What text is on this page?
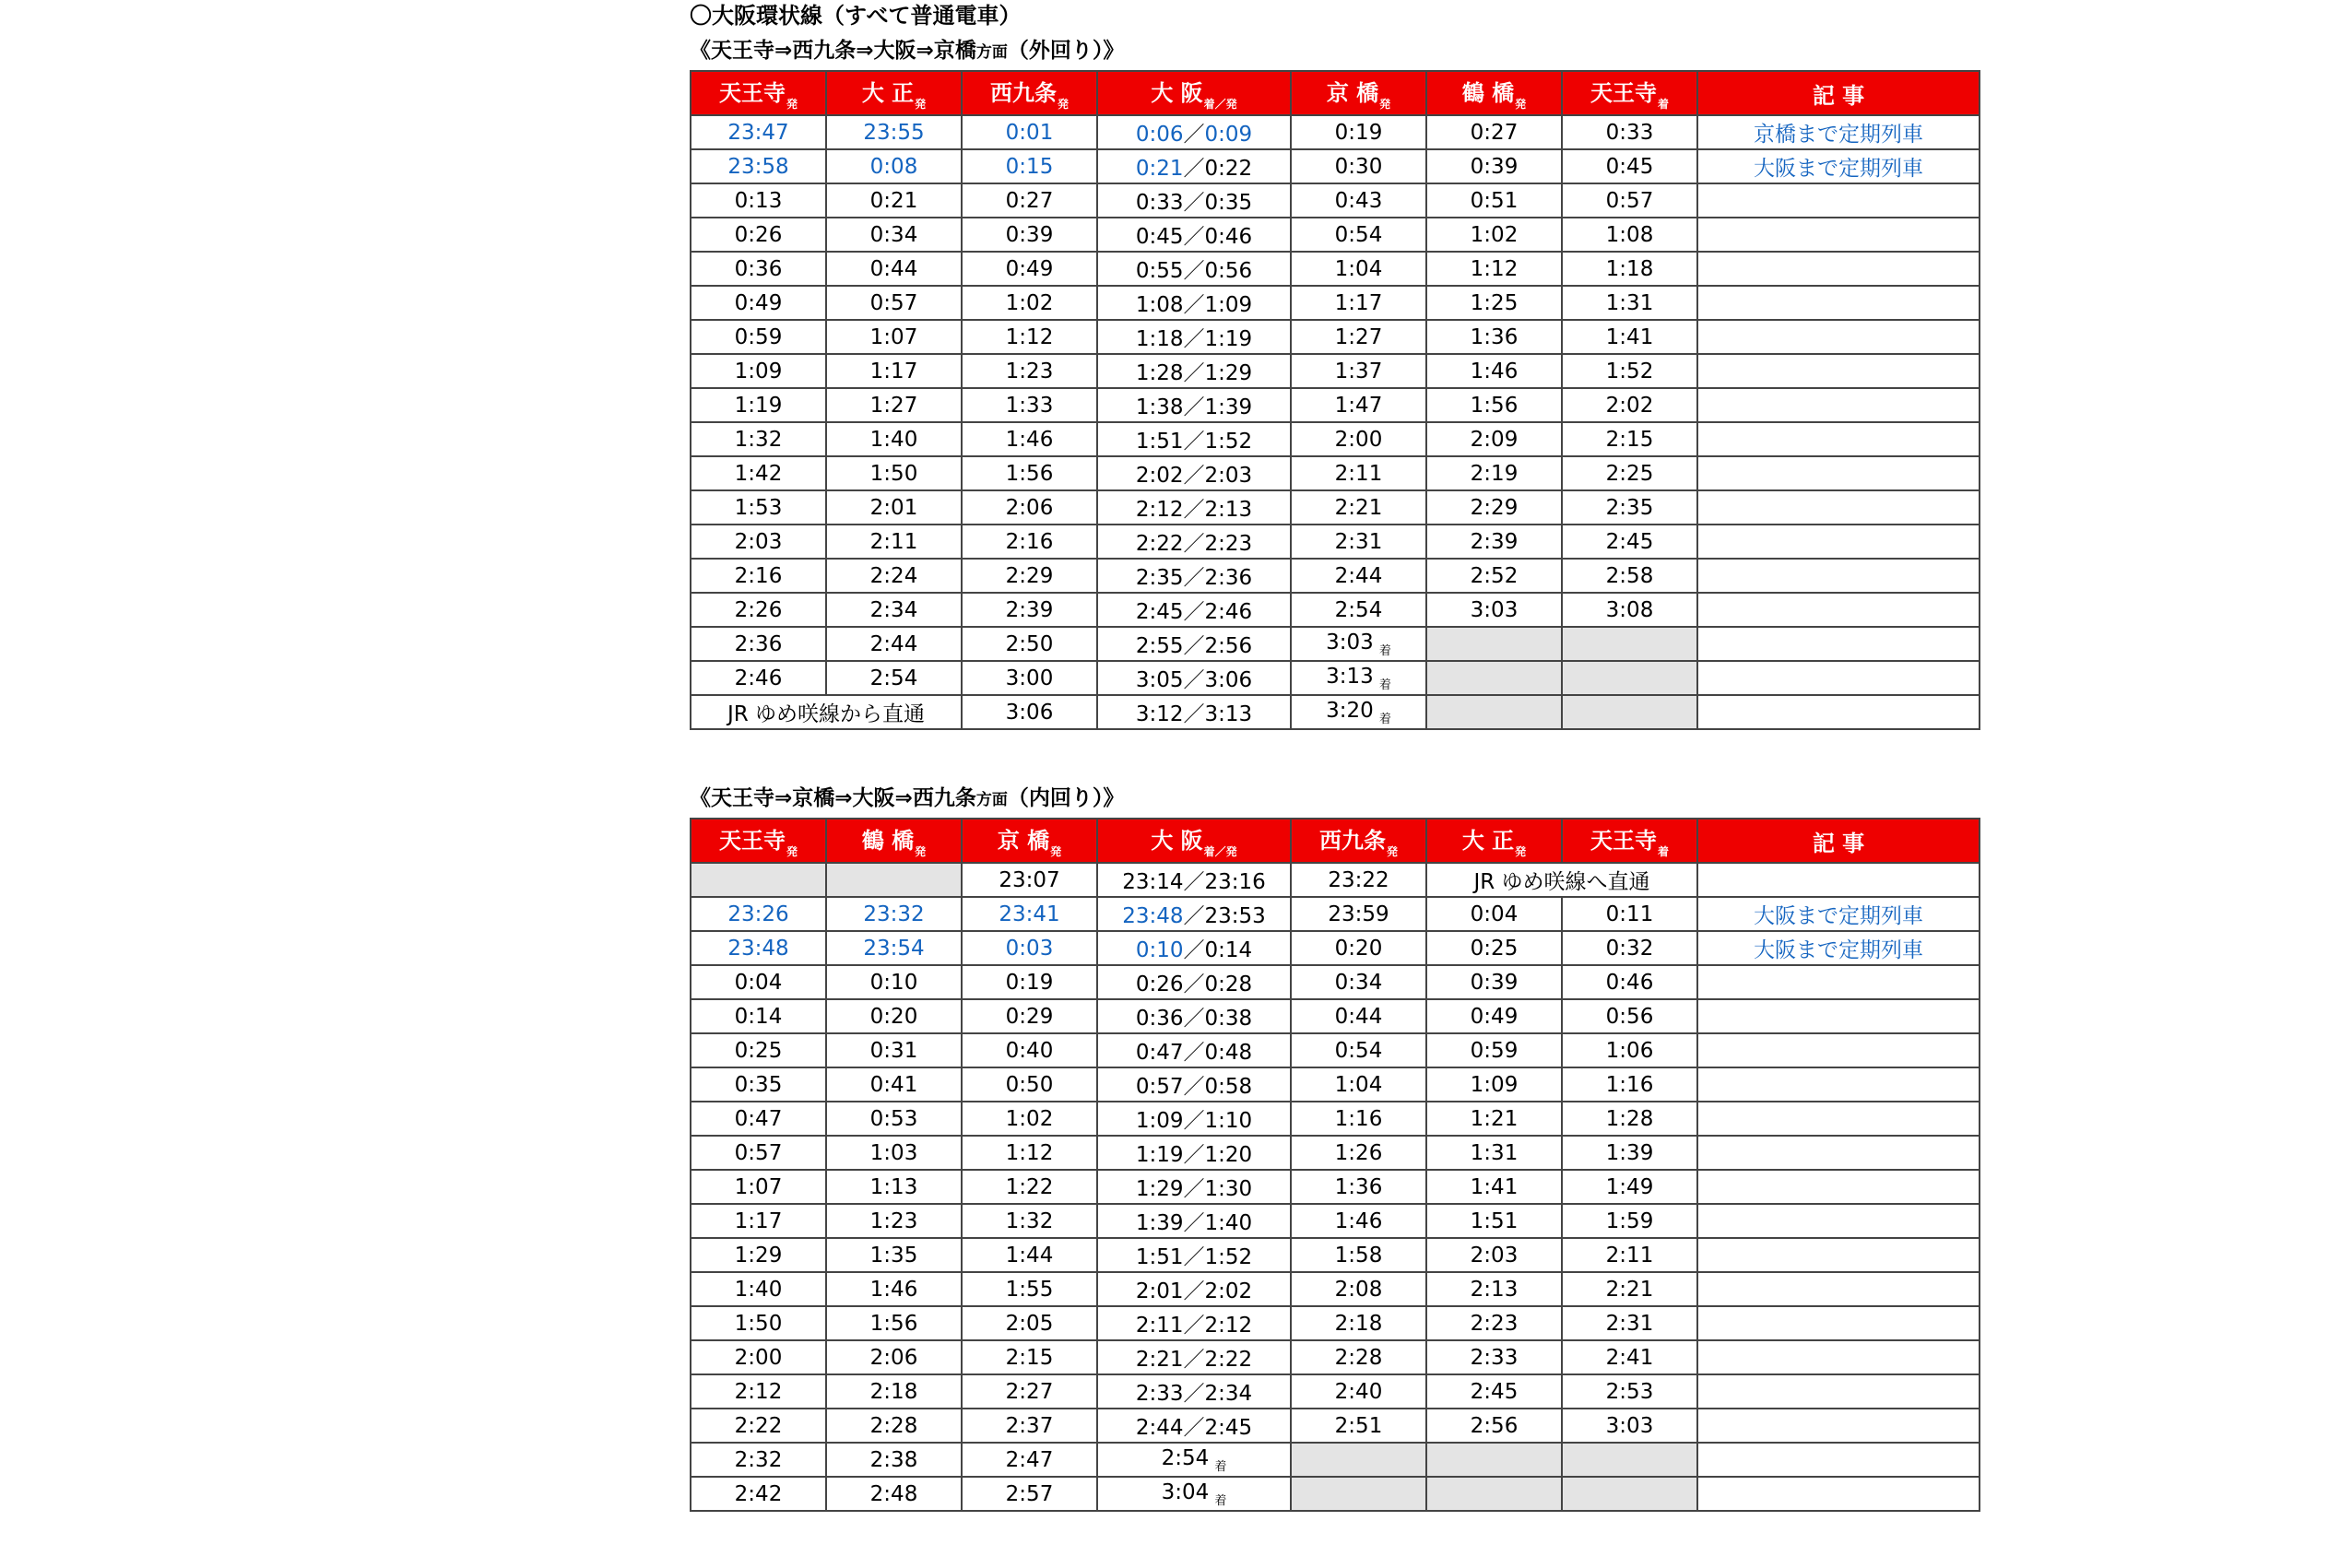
〇大阪環状線（すべて普通電車）
《天王寺⇒西九条⇒大阪⇒京橋方面（外回り）》
天王寺$_発$	大 正$_発$	西九条$_発$	大 阪$_{着/発}$	京 橋$_発$	鶴 橋$_発$	天王寺$_着$	記 事
23:47	23:55	0:01	0:06／0:09	0:19	0:27	0:33	京橋まで定期列車
23:58	0:08	0:15	0:21／0:22	0:30	0:39	0:45	大阪まで定期列車
0:13	0:21	0:27	0:33／0:35	0:43	0:51	0:57	
0:26	0:34	0:39	0:45／0:46	0:54	1:02	1:08	
0:36	0:44	0:49	0:55／0:56	1:04	1:12	1:18	
0:49	0:57	1:02	1:08／1:09	1:17	1:25	1:31	
0:59	1:07	1:12	1:18／1:19	1:27	1:36	1:41	
1:09	1:17	1:23	1:28／1:29	1:37	1:46	1:52	
1:19	1:27	1:33	1:38／1:39	1:47	1:56	2:02	
1:32	1:40	1:46	1:51／1:52	2:00	2:09	2:15	
1:42	1:50	1:56	2:02／2:03	2:11	2:19	2:25	
1:53	2:01	2:06	2:12／2:13	2:21	2:29	2:35	
2:03	2:11	2:16	2:22／2:23	2:31	2:39	2:45	
2:16	2:24	2:29	2:35／2:36	2:44	2:52	2:58	
2:26	2:34	2:39	2:45／2:46	2:54	3:03	3:08	
2:36	2:44	2:50	2:55／2:56	3:03 $_着$			
2:46	2:54	3:00	3:05／3:06	3:13 $_着$			
JR ゆめ咲線から直通		3:06	3:12／3:13	3:20 $_着$			
《天王寺⇒京橋⇒大阪⇒西九条方面（内回り）》
天王寺$_発$	鶴 橋$_発$	京 橋$_発$	大 阪$_{着/発}$	西九条$_発$	大 正$_発$	天王寺$_着$	記 事
		23:07	23:14／23:16	23:22	JR ゆめ咲線へ直通		
23:26	23:32	23:41	23:48／23:53	23:59	0:04	0:11	大阪まで定期列車
23:48	23:54	0:03	0:10／0:14	0:20	0:25	0:32	大阪まで定期列車
0:04	0:10	0:19	0:26／0:28	0:34	0:39	0:46	
0:14	0:20	0:29	0:36／0:38	0:44	0:49	0:56	
0:25	0:31	0:40	0:47／0:48	0:54	0:59	1:06	
0:35	0:41	0:50	0:57／0:58	1:04	1:09	1:16	
0:47	0:53	1:02	1:09／1:10	1:16	1:21	1:28	
0:57	1:03	1:12	1:19／1:20	1:26	1:31	1:39	
1:07	1:13	1:22	1:29／1:30	1:36	1:41	1:49	
1:17	1:23	1:32	1:39／1:40	1:46	1:51	1:59	
1:29	1:35	1:44	1:51／1:52	1:58	2:03	2:11	
1:40	1:46	1:55	2:01／2:02	2:08	2:13	2:21	
1:50	1:56	2:05	2:11／2:12	2:18	2:23	2:31	
2:00	2:06	2:15	2:21／2:22	2:28	2:33	2:41	
2:12	2:18	2:27	2:33／2:34	2:40	2:45	2:53	
2:22	2:28	2:37	2:44／2:45	2:51	2:56	3:03	
2:32	2:38	2:47	2:54 $_着$				
2:42	2:48	2:57	3:04 $_着$				
